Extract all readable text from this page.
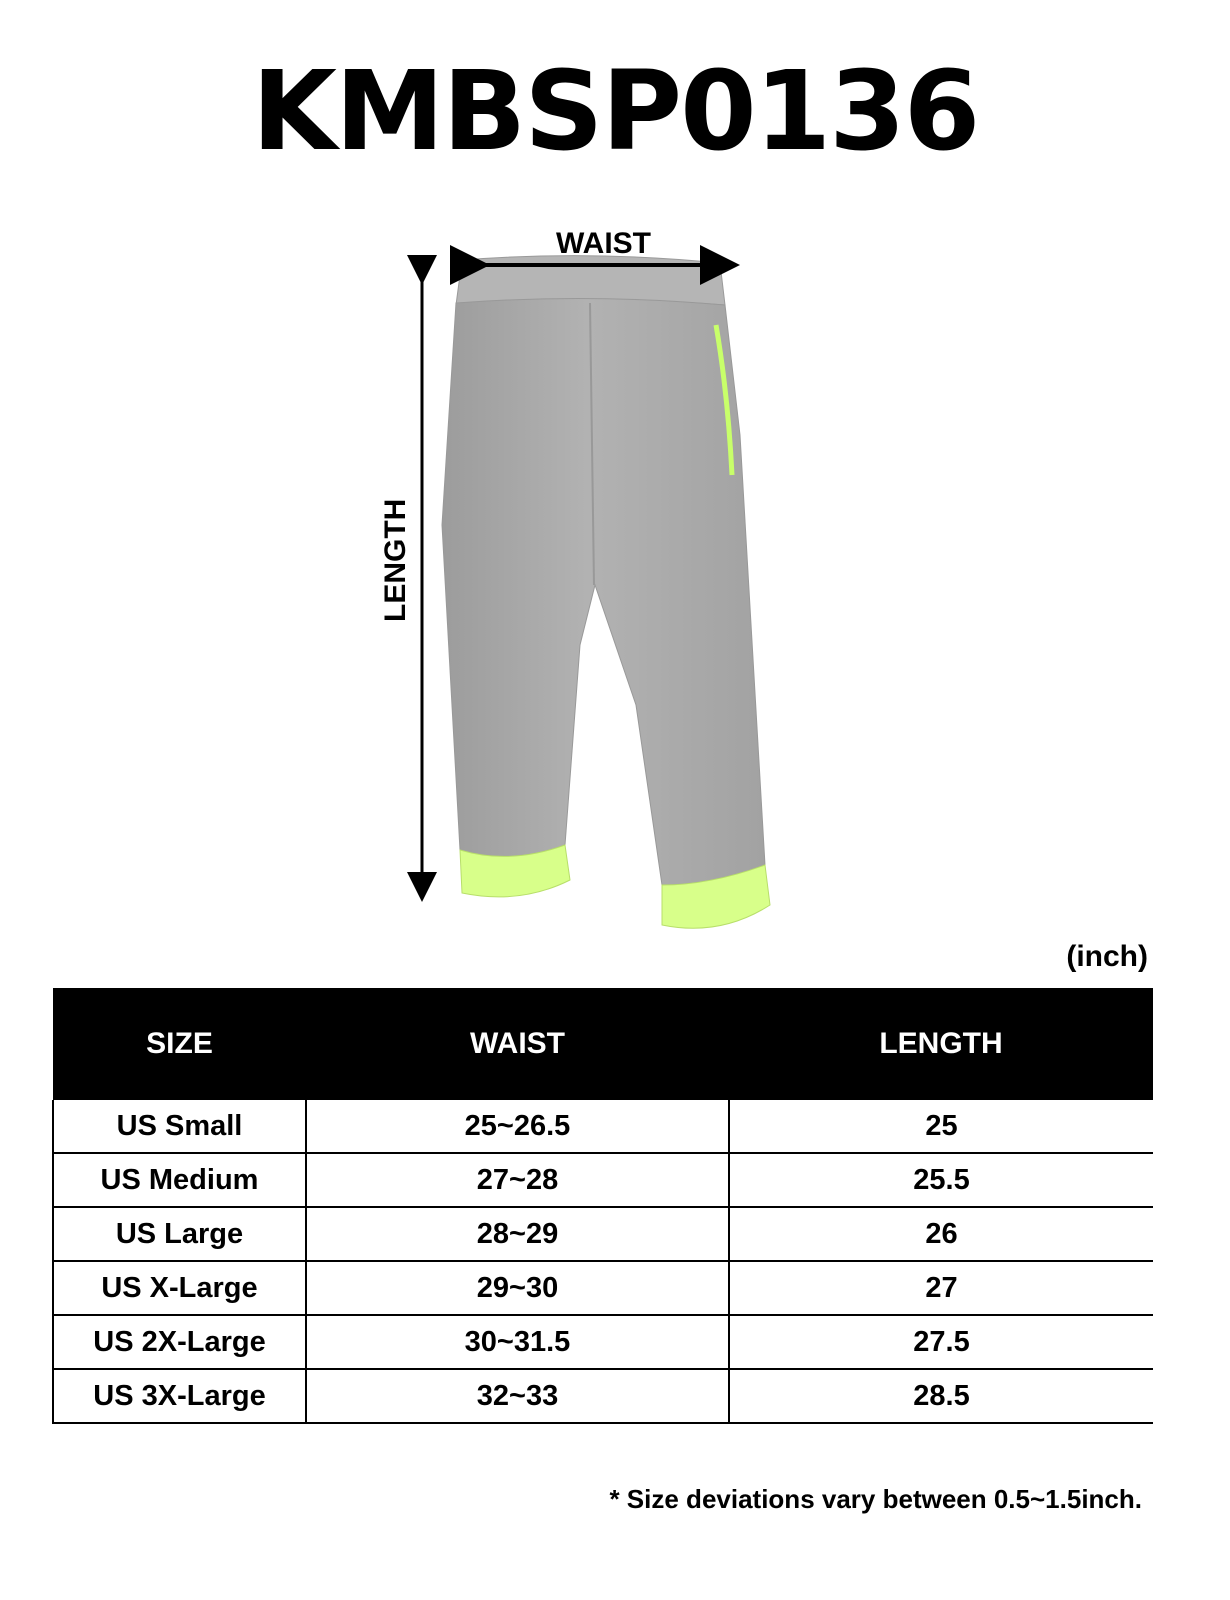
KMBSP0136
WAIST
LENGTH
(inch)
SIZE	WAIST	LENGTH
US Small	25~26.5	25
US Medium	27~28	25.5
US Large	28~29	26
US X-Large	29~30	27
US 2X-Large	30~31.5	27.5
US 3X-Large	32~33	28.5
* Size deviations vary between 0.5~1.5inch.
